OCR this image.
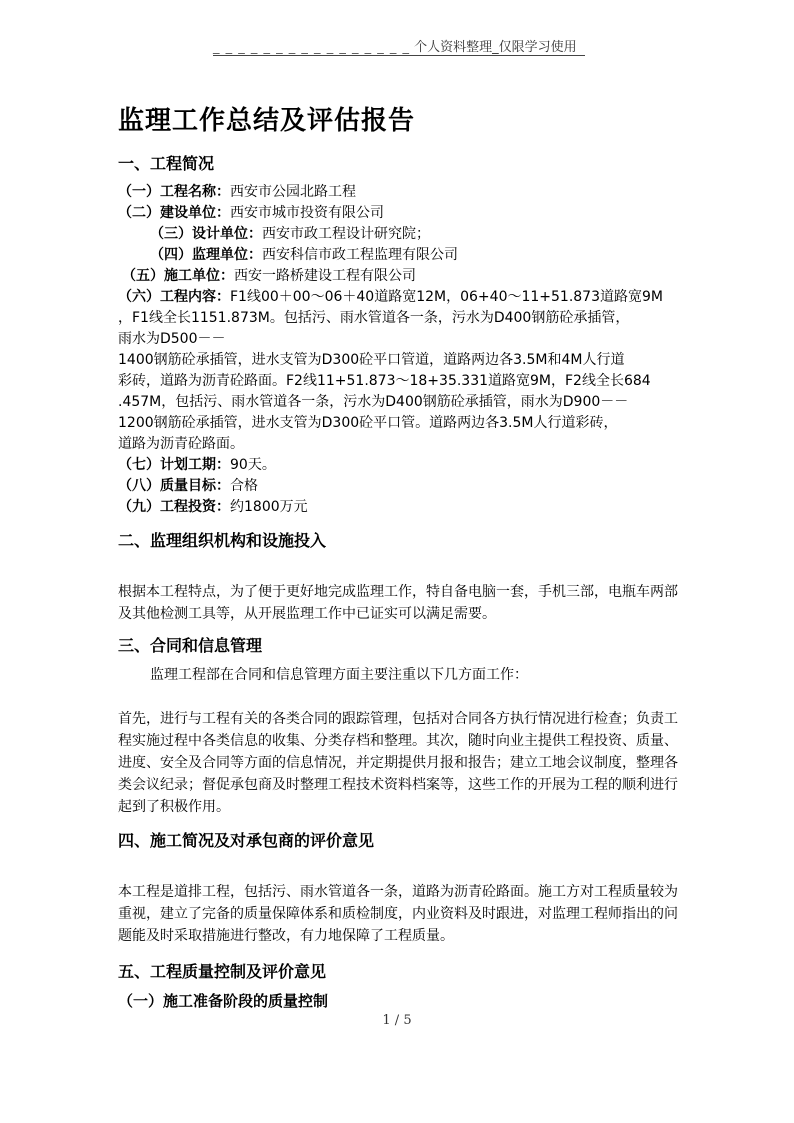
_ _ _ _ _ _ _ _ _ _ _ _ _ _ _ _ 个人资料整理_仅限学习使用
监理工作总结及评估报告
一、工程简况
（一）工程名称：西安市公园北路工程
（二）建设单位：西安市城市投资有限公司
（三）设计单位：西安市政工程设计研究院；
（四）监理单位：西安科信市政工程监理有限公司
（五）施工单位：西安一路桥建设工程有限公司
（六）工程内容：F1线00＋00～06＋40道路宽12M，06+40～11+51.873道路宽9M
，F1线全长1151.873M。包括污、雨水管道各一条，污水为D400钢筋砼承插管，
雨水为D500－－
1400钢筋砼承插管，进水支管为D300砼平口管道，道路两边各3.5M和4M人行道
彩砖，道路为沥青砼路面。F2线11+51.873～18+35.331道路宽9M，F2线全长684
.457M，包括污、雨水管道各一条，污水为D400钢筋砼承插管，雨水为D900－－
1200钢筋砼承插管，进水支管为D300砼平口管。道路两边各3.5M人行道彩砖，
道路为沥青砼路面。
（七）计划工期：90天。
（八）质量目标：合格
（九）工程投资：约1800万元
二、监理组织机构和设施投入
根据本工程特点，为了便于更好地完成监理工作，特自备电脑一套，手机三部，电瓶车两部及其他检测工具等，从开展监理工作中已证实可以满足需要。
三、合同和信息管理
监理工程部在合同和信息管理方面主要注重以下几方面工作：
首先，进行与工程有关的各类合同的跟踪管理，包括对合同各方执行情况进行检查；负责工程实施过程中各类信息的收集、分类存档和整理。其次，随时向业主提供工程投资、质量、进度、安全及合同等方面的信息情况，并定期提供月报和报告；建立工地会议制度，整理各类会议纪录；督促承包商及时整理工程技术资料档案等，这些工作的开展为工程的顺利进行起到了积极作用。
四、施工简况及对承包商的评价意见
本工程是道排工程，包括污、雨水管道各一条，道路为沥青砼路面。施工方对工程质量较为重视，建立了完备的质量保障体系和质检制度，内业资料及时跟进，对监理工程师指出的问题能及时采取措施进行整改，有力地保障了工程质量。
五、工程质量控制及评价意见
（一）施工准备阶段的质量控制
1 / 5
